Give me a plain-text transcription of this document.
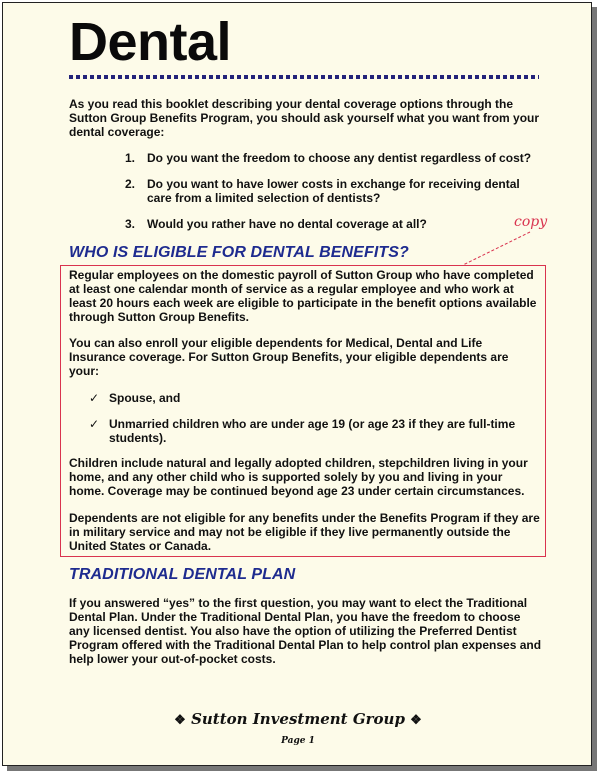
Dental

As you read this booklet describing your dental coverage options through the Sutton Group Benefits Program, you should ask yourself what you want from your dental coverage:

1. Do you want the freedom to choose any dentist regardless of cost?
2. Do you want to have lower costs in exchange for receiving dental care from a limited selection of dentists?
3. Would you rather have no dental coverage at all?
WHO IS ELIGIBLE FOR DENTAL BENEFITS?
copy

Regular employees on the domestic payroll of Sutton Group who have completed at least one calendar month of service as a regular employee and who work at least 20 hours each week are eligible to participate in the benefit options available through Sutton Group Benefits.

You can also enroll your eligible dependents for Medical, Dental and Life Insurance coverage. For Sutton Group Benefits, your eligible dependents are your:

✓ Spouse, and
✓ Unmarried children who are under age 19 (or age 23 if they are full-time students).

Children include natural and legally adopted children, stepchildren living in your home, and any other child who is supported solely by you and living in your home. Coverage may be continued beyond age 23 under certain circumstances.

Dependents are not eligible for any benefits under the Benefits Program if they are in military service and may not be eligible if they live permanently outside the United States or Canada.

TRADITIONAL DENTAL PLAN

If you answered “yes” to the first question, you may want to elect the Traditional Dental Plan. Under the Traditional Dental Plan, you have the freedom to choose any licensed dentist. You also have the option of utilizing the Preferred Dentist Program offered with the Traditional Dental Plan to help control plan expenses and help lower your out-of-pocket costs.

❖ Sutton Investment Group ❖
Page 1
